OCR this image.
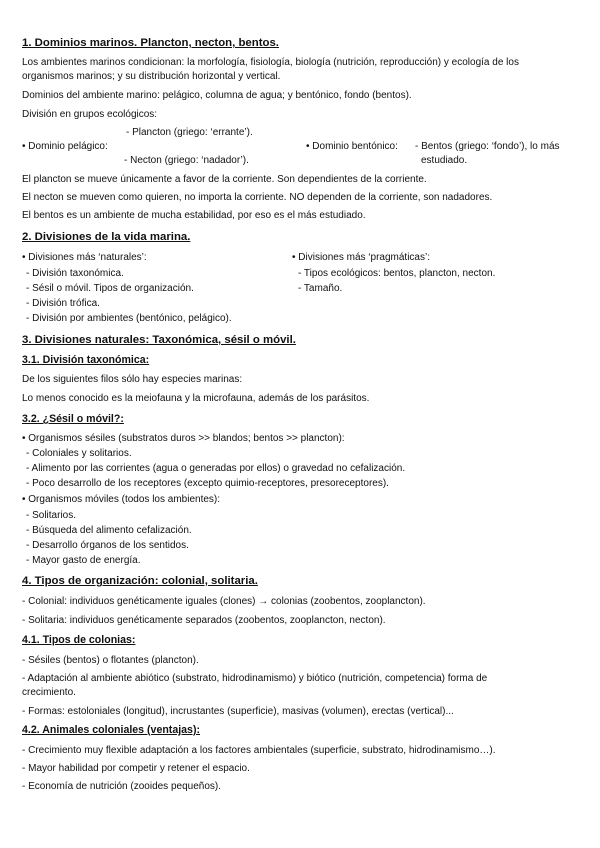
1. Dominios marinos. Plancton, necton, bentos.
Los ambientes marinos condicionan: la morfología, fisiología, biología (nutrición, reproducción) y ecología de los
organismos marinos; y su distribución horizontal y vertical.
Dominios del ambiente marino: pelágico, columna de agua; y bentónico, fondo (bentos).
División en grupos ecológicos:
- Plancton (griego: ‘errante’).
• Dominio pelágico:	• Dominio bentónico: - Bentos (griego: ‘fondo’), lo más
- Necton (griego: ‘nadador’).	estudiado.
El plancton se mueve únicamente a favor de la corriente. Son dependientes de la corriente.
El necton se mueven como quieren, no importa la corriente. NO dependen de la corriente, son nadadores.
El bentos es un ambiente de mucha estabilidad, por eso es el más estudiado.
2. Divisiones de la vida marina.
• Divisiones más ‘naturales’:	• Divisiones más ‘pragmáticas’:
- División taxonómica.
- Sésil o móvil. Tipos de organización.
- División trófica.
- División por ambientes (bentónico, pelágico).
- Tipos ecológicos: bentos, plancton, necton.
- Tamaño.
3. Divisiones naturales: Taxonómica, sésil o móvil.
3.1. División taxonómica:
De los siguientes filos sólo hay especies marinas:
Lo menos conocido es la meiofauna y la microfauna, además de los parásitos.
3.2. ¿Sésil o móvil?:
• Organismos sésiles (substratos duros >> blandos; bentos >> plancton):
- Coloniales y solitarios.
- Alimento por las corrientes (agua o generadas por ellos) o gravedad no cefalización.
- Poco desarrollo de los receptores (excepto quimio-receptores, presoreceptores).
• Organismos móviles (todos los ambientes):
- Solitarios.
- Búsqueda del alimento cefalización.
- Desarrollo órganos de los sentidos.
- Mayor gasto de energía.
4. Tipos de organización: colonial, solitaria.
- Colonial: individuos genéticamente iguales (clones) → colonias (zoobentos, zooplancton).
- Solitaria: individuos genéticamente separados (zoobentos, zooplancton, necton).
4.1. Tipos de colonias:
- Sésiles (bentos) o flotantes (plancton).
- Adaptación al ambiente abiótico (substrato, hidrodinamismo) y biótico (nutrición, competencia) forma de
crecimiento.
- Formas: estoloniales (longitud), incrustantes (superficie), masivas (volumen), erectas (vertical)...
4.2. Animales coloniales (ventajas):
- Crecimiento muy flexible adaptación a los factores ambientales (superficie, substrato, hidrodinamismo…).
- Mayor habilidad por competir y retener el espacio.
- Economía de nutrición (zooides pequeños).
